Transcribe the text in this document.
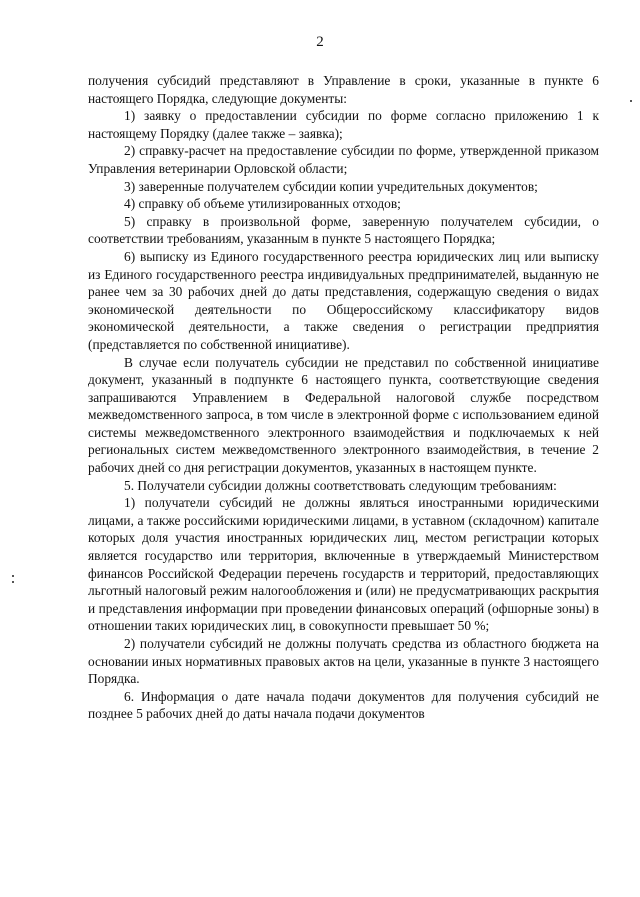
2

получения субсидий представляют в Управление в сроки, указанные в пункте 6 настоящего Порядка, следующие документы:

1) заявку о предоставлении субсидии по форме согласно приложению 1 к настоящему Порядку (далее также – заявка);

2) справку-расчет на предоставление субсидии по форме, утвержденной приказом Управления ветеринарии Орловской области;

3) заверенные получателем субсидии копии учредительных документов;

4) справку об объеме утилизированных отходов;

5) справку в произвольной форме, заверенную получателем субсидии, о соответствии требованиям, указанным в пункте 5 настоящего Порядка;

6) выписку из Единого государственного реестра юридических лиц или выписку из Единого государственного реестра индивидуальных предпринимателей, выданную не ранее чем за 30 рабочих дней до даты представления, содержащую сведения о видах экономической деятельности по Общероссийскому классификатору видов экономической деятельности, а также сведения о регистрации предприятия (представляется по собственной инициативе).

В случае если получатель субсидии не представил по собственной инициативе документ, указанный в подпункте 6 настоящего пункта, соответствующие сведения запрашиваются Управлением в Федеральной налоговой службе посредством межведомственного запроса, в том числе в электронной форме с использованием единой системы межведомственного электронного взаимодействия и подключаемых к ней региональных систем межведомственного электронного взаимодействия, в течение 2 рабочих дней со дня регистрации документов, указанных в настоящем пункте.

5. Получатели субсидии должны соответствовать следующим требованиям:

1) получатели субсидий не должны являться иностранными юридическими лицами, а также российскими юридическими лицами, в уставном (складочном) капитале которых доля участия иностранных юридических лиц, местом регистрации которых является государство или территория, включенные в утверждаемый Министерством финансов Российской Федерации перечень государств и территорий, предоставляющих льготный налоговый режим налогообложения и (или) не предусматривающих раскрытия и представления информации при проведении финансовых операций (офшорные зоны) в отношении таких юридических лиц, в совокупности превышает 50 %;

2) получатели субсидий не должны получать средства из областного бюджета на основании иных нормативных правовых актов на цели, указанные в пункте 3 настоящего Порядка.

6. Информация о дате начала подачи документов для получения субсидий не позднее 5 рабочих дней до даты начала подачи документов
